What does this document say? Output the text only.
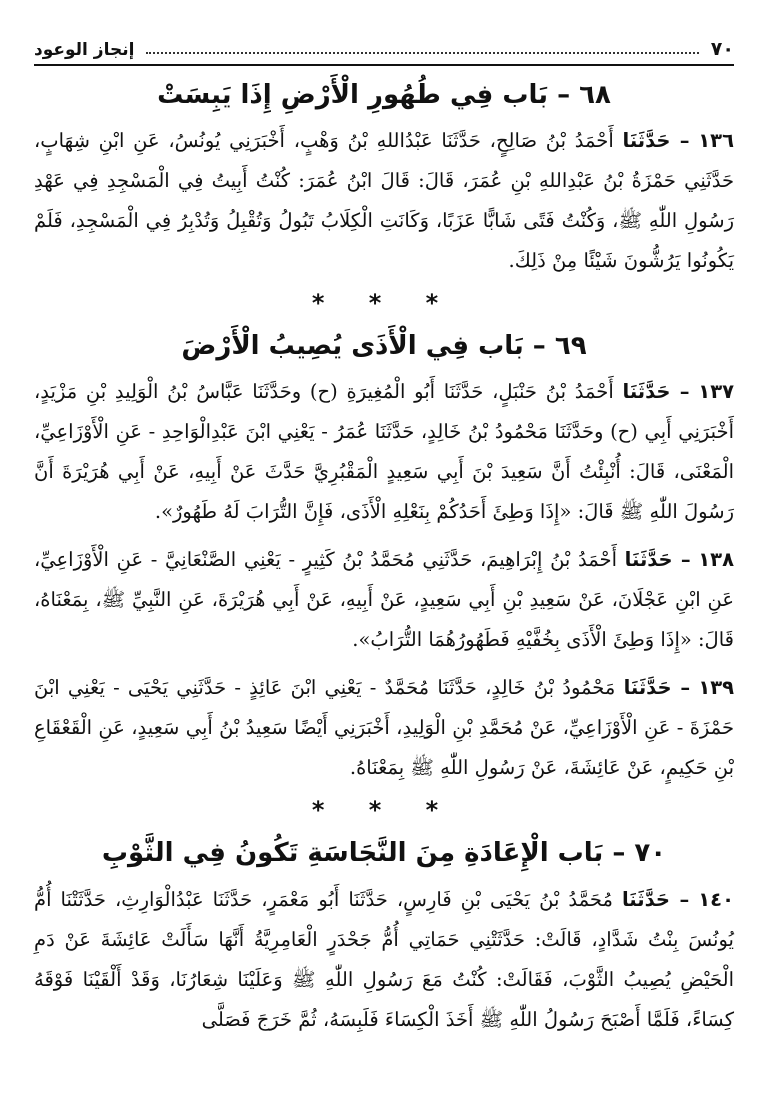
٧٠
إنجاز الوعود
٦٨ – بَاب فِي طُهُورِ الْأَرْضِ إِذَا يَبِسَتْ

١٣٦ – حَدَّثَنَا أَحْمَدُ بْنُ صَالِحٍ، حَدَّثَنَا عَبْدُاللهِ بْنُ وَهْبٍ، أَخْبَرَنِي يُونُسُ، عَنِ ابْنِ شِهَابٍ، حَدَّثَنِي حَمْزَةُ بْنُ عَبْدِاللهِ بْنِ عُمَرَ، قَالَ: قَالَ ابْنُ عُمَرَ: كُنْتُ أَبِيتُ فِي الْمَسْجِدِ فِي عَهْدِ رَسُولِ اللّٰهِ ﷺ، وَكُنْتُ فَتًى شَابًّا عَزَبًا، وَكَانَتِ الْكِلَابُ تَبُولُ وَتُقْبِلُ وَتُدْبِرُ فِي الْمَسْجِدِ، فَلَمْ يَكُونُوا يَرُشُّونَ شَيْئًا مِنْ ذَلِكَ.

* * *
٦٩ – بَاب فِي الْأَذَى يُصِيبُ الْأَرْضَ

١٣٧ – حَدَّثَنَا أَحْمَدُ بْنُ حَنْبَلٍ، حَدَّثَنَا أَبُو الْمُغِيرَةِ (ح) وحَدَّثَنَا عَبَّاسُ بْنُ الْوَلِيدِ بْنِ مَزْيَدٍ، أَخْبَرَنِي أَبِي (ح) وحَدَّثَنَا مَحْمُودُ بْنُ خَالِدٍ، حَدَّثَنَا عُمَرُ - يَعْنِي ابْنَ عَبْدِالْوَاحِدِ - عَنِ الْأَوْزَاعِيِّ، الْمَعْنَى، قَالَ: أُنْبِئْتُ أَنَّ سَعِيدَ بْنَ أَبِي سَعِيدٍ الْمَقْبُرِيَّ حَدَّثَ عَنْ أَبِيهِ، عَنْ أَبِي هُرَيْرَةَ أَنَّ رَسُولَ اللّٰهِ ﷺ قَالَ: «إِذَا وَطِئَ أَحَدُكُمْ بِنَعْلِهِ الْأَذَى، فَإِنَّ التُّرَابَ لَهُ طَهُورٌ».

١٣٨ – حَدَّثَنَا أَحْمَدُ بْنُ إِبْرَاهِيمَ، حَدَّثَنِي مُحَمَّدُ بْنُ كَثِيرٍ - يَعْنِي الصَّنْعَانِيَّ - عَنِ الْأَوْزَاعِيِّ، عَنِ ابْنِ عَجْلَانَ، عَنْ سَعِيدِ بْنِ أَبِي سَعِيدٍ، عَنْ أَبِيهِ، عَنْ أَبِي هُرَيْرَةَ، عَنِ النَّبِيِّ ﷺ، بِمَعْنَاهُ، قَالَ: «إِذَا وَطِئَ الْأَذَى بِخُفَّيْهِ فَطَهُورُهُمَا التُّرَابُ».

١٣٩ – حَدَّثَنَا مَحْمُودُ بْنُ خَالِدٍ، حَدَّثَنَا مُحَمَّدٌ - يَعْنِي ابْنَ عَائِذٍ - حَدَّثَنِي يَحْيَى - يَعْنِي ابْنَ حَمْزَةَ - عَنِ الْأَوْزَاعِيِّ، عَنْ مُحَمَّدِ بْنِ الْوَلِيدِ، أَخْبَرَنِي أَيْضًا سَعِيدُ بْنُ أَبِي سَعِيدٍ، عَنِ الْقَعْقَاعِ بْنِ حَكِيمٍ، عَنْ عَائِشَةَ، عَنْ رَسُولِ اللّٰهِ ﷺ بِمَعْنَاهُ.

* * *
٧٠ – بَاب الْإِعَادَةِ مِنَ النَّجَاسَةِ تَكُونُ فِي الثَّوْبِ

١٤٠ – حَدَّثَنَا مُحَمَّدُ بْنُ يَحْيَى بْنِ فَارِسٍ، حَدَّثَنَا أَبُو مَعْمَرٍ، حَدَّثَنَا عَبْدُالْوَارِثِ، حَدَّثَتْنَا أُمُّ يُونُسَ بِنْتُ شَدَّادٍ، قَالَتْ: حَدَّثَتْنِي حَمَاتِي أُمُّ جَحْدَرٍ الْعَامِرِيَّةُ أَنَّهَا سَأَلَتْ عَائِشَةَ عَنْ دَمِ الْحَيْضِ يُصِيبُ الثَّوْبَ، فَقَالَتْ: كُنْتُ مَعَ رَسُولِ اللّٰهِ ﷺ وَعَلَيْنَا شِعَارُنَا، وَقَدْ أَلْقَيْنَا فَوْقَهُ كِسَاءً، فَلَمَّا أَصْبَحَ رَسُولُ اللّٰهِ ﷺ أَخَذَ الْكِسَاءَ فَلَبِسَهُ، ثُمَّ خَرَجَ فَصَلَّى
